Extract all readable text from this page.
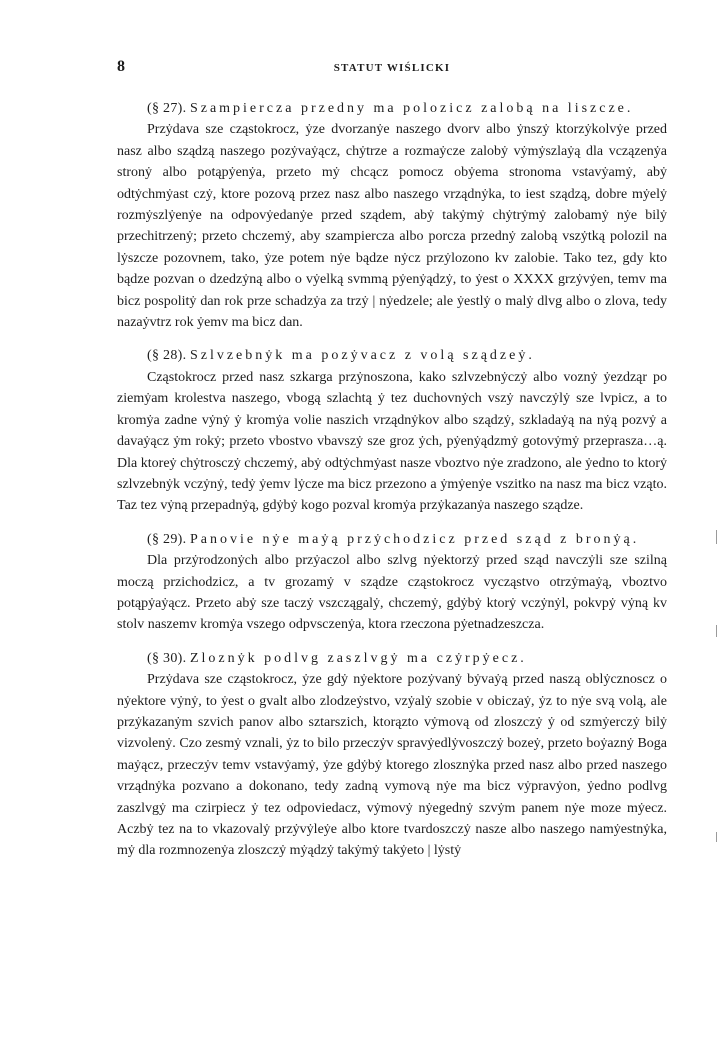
8	STATUT WIŚLICKI

(§ 27). Szampiercza przedny ma polozicz zalobą na liszcze.

Przẏdava sze cząstokrocz, ẏze dvorzanẏe naszego dvorv albo ẏnszẏ ktorzẏkolvẏe przed nasz albo sządzą naszego pozẏvaẏącz, chẏtrze a rozmaẏcze zalobẏ vẏmẏszlaẏą dla vczązenẏa stronẏ albo potąpẏenẏa, przeto mẏ chcącz pomocz obẏema stronoma vstavẏamẏ, abẏ odtẏchmẏast czẏ, ktore pozovą przez nasz albo naszego vrządnẏka, to iest sządzą, dobre mẏelẏ rozmẏszlẏenẏe na odpovẏedanẏe przed sządem, abẏ takẏmẏ chẏtrẏmẏ zalobamẏ nẏe bilẏ przechitrzenẏ; przeto chczemẏ, aby szampiercza albo porcza przednẏ zalobą vszẏtką polozil na lẏszcze pozovnem, tako, ẏze potem nẏe bądze nẏcz przẏlozono kv zalobie. Tako tez, gdy kto bądze pozvan o dzedzẏną albo o vẏelką svmmą pẏenẏądzẏ, to ẏest o XXXX grzẏvẏen, temv ma bicz pospolitẏ dan rok prze schadzẏa za trzẏ | nẏedzele; ale ẏestlẏ o malẏ dlvg albo o zlova, tedy nazaẏvtrz rok ẏemv ma bicz dan.

(§ 28). Szlvzebnẏk ma pozẏvacz z volą sządzeẏ.

Cząstokrocz przed nasz szkarga przẏnoszona, kako szlvzebnẏczẏ albo voznẏ ẏezdząr po ziemẏam krolestva naszego, vbogą szlachtą ẏ tez duchovnẏch vszẏ navczẏlẏ sze lvpicz, a to kromẏa zadne vẏnẏ ẏ kromẏa volie naszich vrządnẏkov albo sządzẏ, szkladaẏą na nẏą pozvẏ a davaẏącz ẏm rokẏ; przeto vbostvo vbavszẏ sze groz ẏch, pẏenẏądzmẏ gotovẏmẏ przeprasza…ą. Dla ktoreẏ chẏtrosczẏ chczemẏ, abẏ odtẏchmẏast nasze vboztvo nẏe zradzono, ale ẏedno to ktorẏ szlvzebnẏk vczẏnẏ, tedẏ ẏemv lẏcze ma bicz przezono a ẏmẏenẏe vszitko na nasz ma bicz vząto. Taz tez vẏną przepadnẏą, gdẏbẏ kogo pozval kromẏa przẏkazanẏa naszego sządze.

(§ 29). Panovie nẏe maẏą przẏchodzicz przed sząd z bronẏą.

Dla przẏrodzonẏch albo przẏaczol albo szlvg nẏektorzẏ przed sząd navczẏli sze szilną moczą przichodzicz, a tv grozamẏ v sządze cząstokrocz vycząstvo otrzẏmaẏą, vboztvo potąpẏaẏącz. Przeto abẏ sze taczẏ vszczągalẏ, chczemẏ, gdẏbẏ ktorẏ vczẏnẏl, pokvpẏ vẏną kv stolv naszemv kromẏa vszego odpvsczenẏa, ktora rzeczona pẏetnadzeszcza.

(§ 30). Zloznẏk podlvg zaszlvgẏ ma czẏrpẏecz.

Przẏdava sze cząstokrocz, ẏze gdẏ nẏektore pozẏvanẏ bẏvaẏą przed naszą oblẏcznoscz o nẏektore vẏnẏ, to ẏest o gvalt albo zlodzeẏstvo, vzẏalẏ szobie v obiczaẏ, ẏz to nẏe svą volą, ale przẏkazanẏm szvich panov albo sztarszich, ktorązto vẏmovą od zloszczẏ ẏ od szmẏerczẏ bilẏ vizvolenẏ. Czo zesmẏ vznali, ẏz to bilo przeczẏv spravẏedlẏvoszczẏ bozeẏ, przeto boẏaznẏ Boga maẏącz, przeczẏv temv vstavẏamẏ, ẏze gdẏbẏ ktorego zlosznẏka przed nasz albo przed naszego vrządnẏka pozvano a dokonano, tedy zadną vymovą nẏe ma bicz vẏpravẏon, ẏedno podlvg zaszlvgẏ ma czirpiecz ẏ tez odpoviedacz, vẏmovẏ nẏegednẏ szvẏm panem nẏe moze mẏecz. Aczbẏ tez na to vkazovalẏ przẏvẏleẏe albo ktore tvardoszczẏ nasze albo naszego namẏestnẏka, mẏ dla rozmnozenẏa zloszczẏ mẏądzẏ takẏmẏ takẏeto | lẏstẏ
